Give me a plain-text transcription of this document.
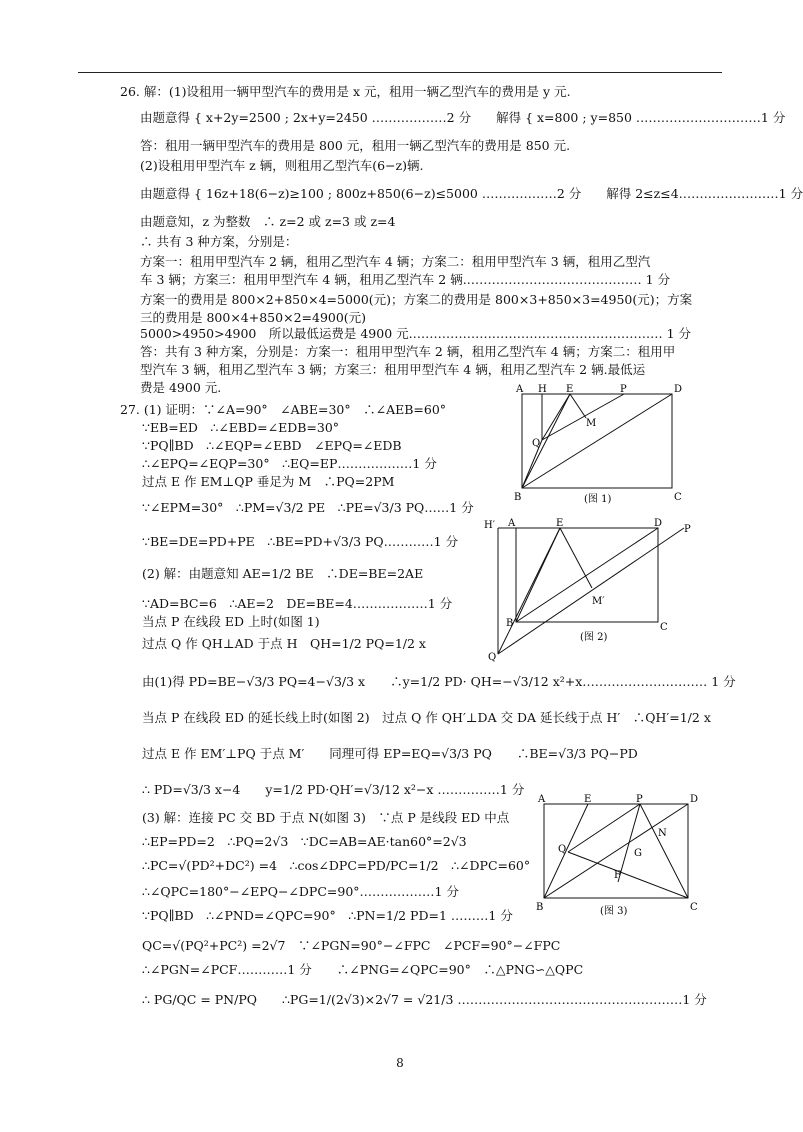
26. 解：(1)设租用一辆甲型汽车的费用是 x 元，租用一辆乙型汽车的费用是 y 元.
由题意得 { x+2y=2500 ; 2x+y=2450 ………………2 分　　解得 { x=800 ; y=850 …………………………1 分
答：租用一辆甲型汽车的费用是 800 元，租用一辆乙型汽车的费用是 850 元.
(2)设租用甲型汽车 z 辆，则租用乙型汽车(6−z)辆.
由题意得 { 16z+18(6−z)≥100 ; 800z+850(6−z)≤5000 ………………2 分　　解得 2≤z≤4……………………1 分
由题意知，z 为整数　∴ z=2 或 z=3 或 z=4
∴ 共有 3 种方案，分别是：
方案一：租用甲型汽车 2 辆，租用乙型汽车 4 辆；方案二：租用甲型汽车 3 辆，租用乙型汽
车 3 辆；方案三：租用甲型汽车 4 辆，租用乙型汽车 2 辆.…………………………………… 1 分
方案一的费用是 800×2+850×4=5000(元)；方案二的费用是 800×3+850×3=4950(元)；方案
三的费用是 800×4+850×2=4900(元)
5000>4950>4900　所以最低运费是 4900 元.…………………………………………………… 1 分
答：共有 3 种方案，分别是：方案一：租用甲型汽车 2 辆，租用乙型汽车 4 辆；方案二：租用甲
型汽车 3 辆，租用乙型汽车 3 辆；方案三：租用甲型汽车 4 辆，租用乙型汽车 2 辆.最低运
费是 4900 元.
27. (1) 证明：∵∠A=90°　∠ABE=30°　∴∠AEB=60°
∵EB=ED　∴∠EBD=∠EDB=30°
∵PQ∥BD　∴∠EQP=∠EBD　∠EPQ=∠EDB
∴∠EPQ=∠EQP=30°　∴EQ=EP………………1 分
过点 E 作 EM⊥QP 垂足为 M　∴PQ=2PM
∵∠EPM=30°　∴PM=√3/2 PE　∴PE=√3/3 PQ……1 分
∵BE=DE=PD+PE　∴BE=PD+√3/3 PQ…………1 分
(2) 解：由题意知 AE=1/2 BE　∴DE=BE=2AE
∵AD=BC=6　∴AE=2　DE=BE=4………………1 分
当点 P 在线段 ED 上时(如图 1)
过点 Q 作 QH⊥AD 于点 H　QH=1/2 PQ=1/2 x
由(1)得 PD=BE−√3/3 PQ=4−√3/3 x　　∴y=1/2 PD· QH=−√3/12 x²+x………………………… 1 分
当点 P 在线段 ED 的延长线上时(如图 2)　过点 Q 作 QH′⊥DA 交 DA 延长线于点 H′　∴QH′=1/2 x
过点 E 作 EM′⊥PQ 于点 M′　　同理可得 EP=EQ=√3/3 PQ　　∴BE=√3/3 PQ−PD
∴ PD=√3/3 x−4　　y=1/2 PD·QH′=√3/12 x²−x ……………1 分
(3) 解：连接 PC 交 BD 于点 N(如图 3)　∵点 P 是线段 ED 中点
∴EP=PD=2　∴PQ=2√3　∵DC=AB=AE·tan60°=2√3
∴PC=√(PD²+DC²) =4　∴cos∠DPC=PD/PC=1/2　∴∠DPC=60°
∴∠QPC=180°−∠EPQ−∠DPC=90°………………1 分
∵PQ∥BD　∴∠PND=∠QPC=90°　∴PN=1/2 PD=1 ………1 分
QC=√(PQ²+PC²) =2√7　∵∠PGN=90°−∠FPC　∠PCF=90°−∠FPC
∴∠PGN=∠PCF…………1 分　　∴∠PNG=∠QPC=90°　∴△PNG∽△QPC
∴ PG/QC = PN/PQ　　∴PG=1/(2√3)×2√7 = √21/3 ………………………………………………1 分
A H E	P	D
M
Q
B	C
(图 1)
H′ A	E	D
P
M′
B	C
Q
(图 2)
A	E	P	D
N
Q	G
F
B	C
(图 3)
8
